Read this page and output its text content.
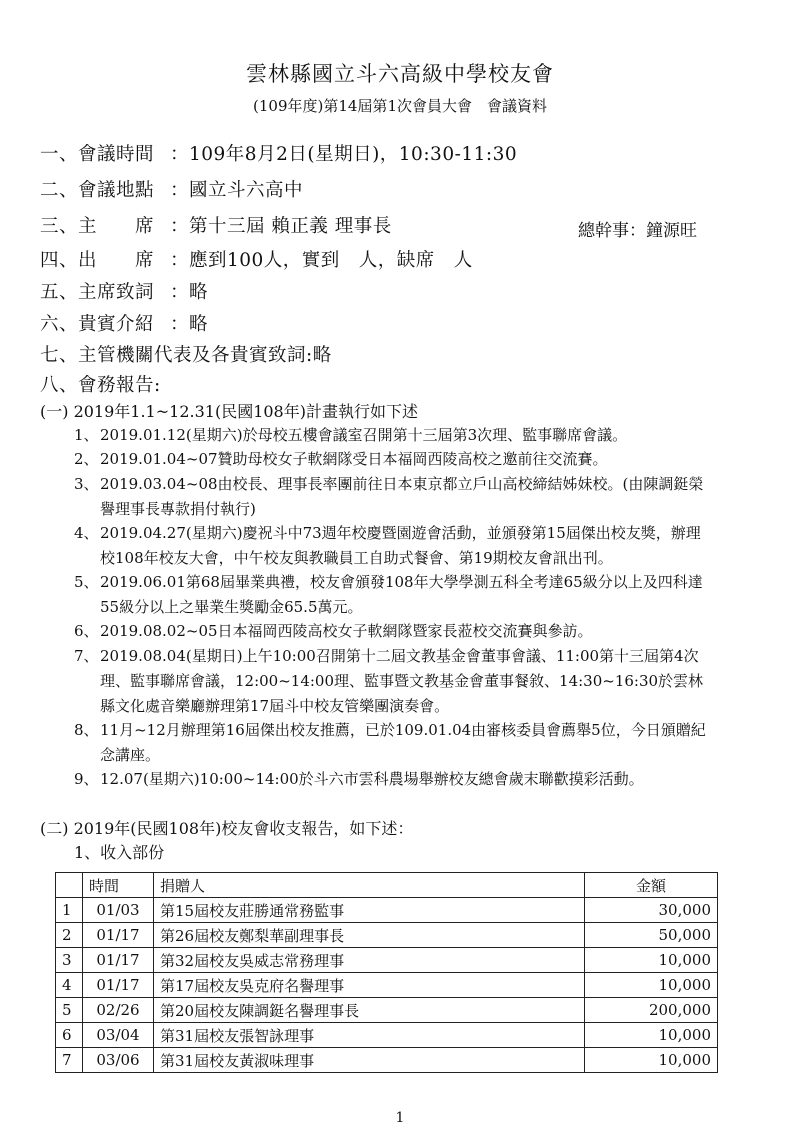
雲林縣國立斗六高級中學校友會
(109年度)第14屆第1次會員大會　會議資料
一、會議時間 ：109年8月2日(星期日)，10:30-11:30
二、會議地點 ：國立斗六高中
三、主　　席 ：第十三屆 賴正義 理事長	總幹事：鐘源旺
四、出　　席 ：應到100人，實到　人，缺席　人
五、主席致詞 ：略
六、貴賓介紹 ：略
七、主管機關代表及各貴賓致詞:略
八、會務報告:
(一) 2019年1.1~12.31(民國108年)計畫執行如下述
1、 2019.01.12(星期六)於母校五樓會議室召開第十三屆第3次理、監事聯席會議。
2、 2019.01.04~07贊助母校女子軟網隊受日本福岡西陵高校之邀前往交流賽。
3、 2019.03.04~08由校長、理事長率團前往日本東京都立戶山高校締結姊妹校。(由陳調鋌榮譽理事長專款捐付執行)
4、 2019.04.27(星期六)慶祝斗中73週年校慶暨園遊會活動，並頒發第15屆傑出校友獎，辦理校108年校友大會，中午校友與教職員工自助式餐會、第19期校友會訊出刊。
5、 2019.06.01第68屆畢業典禮，校友會頒發108年大學學測五科全考達65級分以上及四科達55級分以上之畢業生獎勵金65.5萬元。
6、 2019.08.02~05日本福岡西陵高校女子軟網隊暨家長蒞校交流賽與參訪。
7、 2019.08.04(星期日)上午10:00召開第十二屆文教基金會董事會議、11:00第十三屆第4次理、監事聯席會議，12:00~14:00理、監事暨文教基金會董事餐敘、14:30~16:30於雲林縣文化處音樂廳辦理第17屆斗中校友管樂團演奏會。
8、 11月~12月辦理第16屆傑出校友推薦，已於109.01.04由審核委員會薦舉5位，今日頒贈紀念講座。
9、 12.07(星期六)10:00~14:00於斗六市雲科農場舉辦校友總會歲末聯歡摸彩活動。
(二) 2019年(民國108年)校友會收支報告，如下述：
1、收入部份
	時間	捐贈人	金額
1	01/03	第15屆校友莊勝通常務監事	30,000
2	01/17	第26屆校友鄭梨華副理事長	50,000
3	01/17	第32屆校友吳威志常務理事	10,000
4	01/17	第17屆校友吳克府名譽理事	10,000
5	02/26	第20屆校友陳調鋌名譽理事長	200,000
6	03/04	第31屆校友張智詠理事	10,000
7	03/06	第31屆校友黃淑味理事	10,000
1
